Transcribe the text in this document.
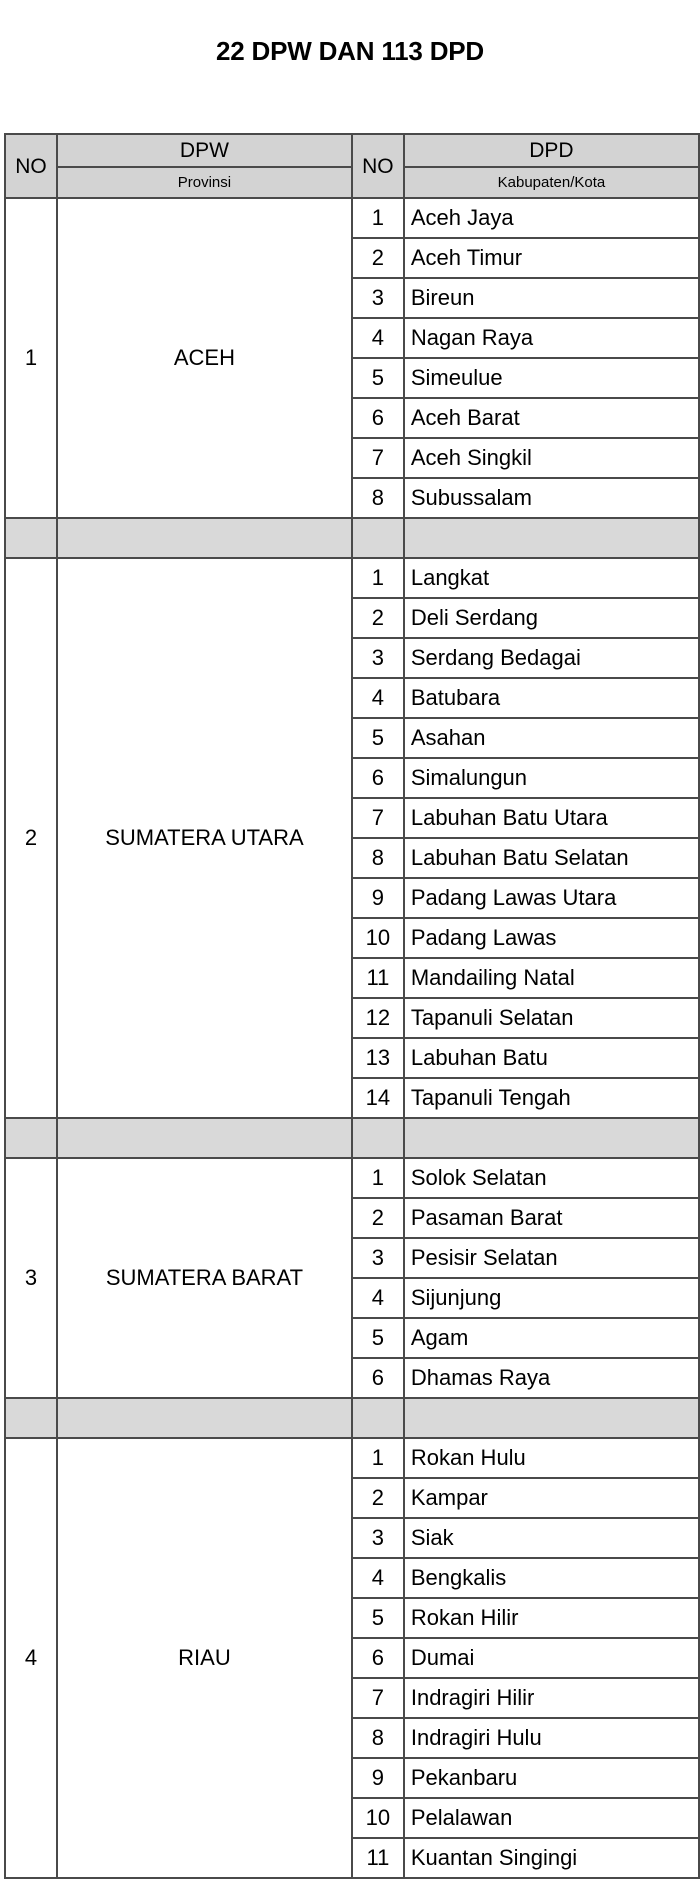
22 DPW DAN 113 DPD
NO	DPW	NO	DPD
	Provinsi		Kabupaten/Kota
1	ACEH	1	Aceh Jaya
		2	Aceh Timur
		3	Bireun
		4	Nagan Raya
		5	Simeulue
		6	Aceh Barat
		7	Aceh Singkil
		8	Subussalam

2	SUMATERA UTARA	1	Langkat
		2	Deli Serdang
		3	Serdang Bedagai
		4	Batubara
		5	Asahan
		6	Simalungun
		7	Labuhan Batu Utara
		8	Labuhan Batu Selatan
		9	Padang Lawas Utara
		10	Padang Lawas
		11	Mandailing Natal
		12	Tapanuli Selatan
		13	Labuhan Batu
		14	Tapanuli Tengah

3	SUMATERA BARAT	1	Solok Selatan
		2	Pasaman Barat
		3	Pesisir Selatan
		4	Sijunjung
		5	Agam
		6	Dhamas Raya

4	RIAU	1	Rokan Hulu
		2	Kampar
		3	Siak
		4	Bengkalis
		5	Rokan Hilir
		6	Dumai
		7	Indragiri Hilir
		8	Indragiri Hulu
		9	Pekanbaru
		10	Pelalawan
		11	Kuantan Singingi
